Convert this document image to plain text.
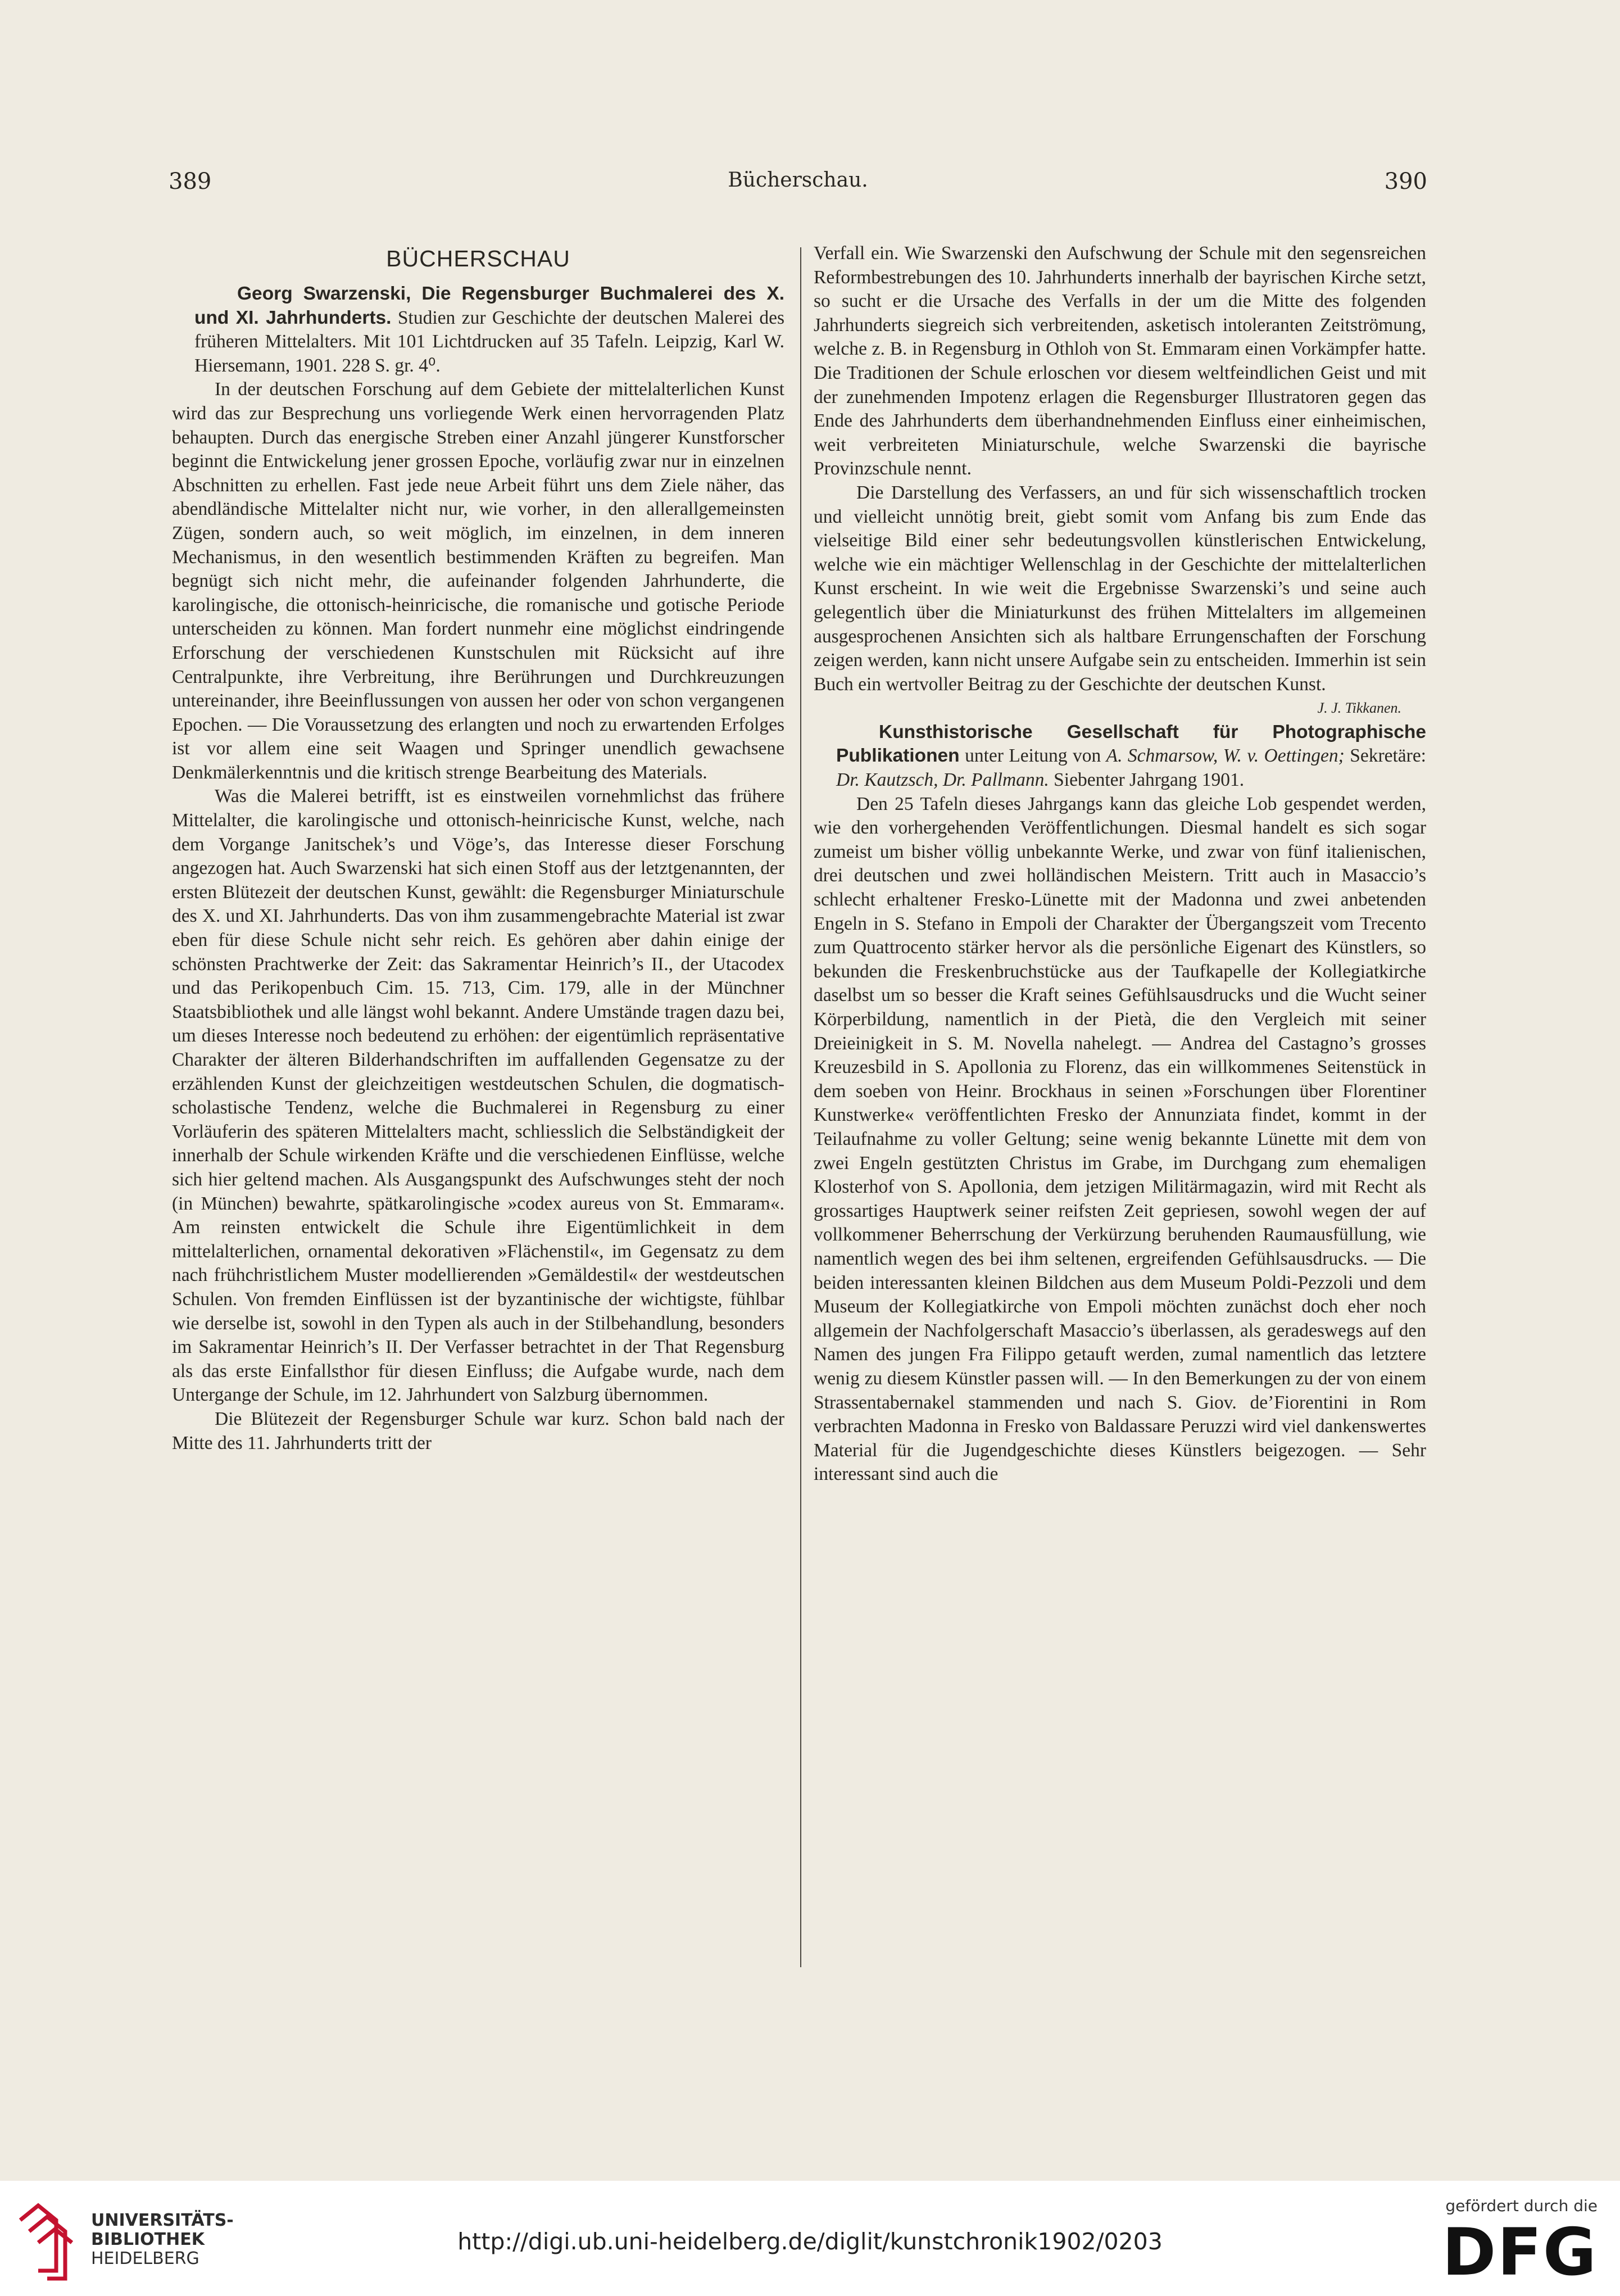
389	Bücherschau.	390
BÜCHERSCHAU

Georg Swarzenski, Die Regensburger Buchmalerei des X. und XI. Jahrhunderts. Studien zur Geschichte der deutschen Malerei des früheren Mittelalters. Mit 101 Lichtdrucken auf 35 Tafeln. Leipzig, Karl W. Hiersemann, 1901. 228 S. gr. 4⁰.

In der deutschen Forschung auf dem Gebiete der mittelalterlichen Kunst wird das zur Besprechung uns vorliegende Werk einen hervorragenden Platz behaupten. Durch das energische Streben einer Anzahl jüngerer Kunstforscher beginnt die Entwickelung jener grossen Epoche, vorläufig zwar nur in einzelnen Abschnitten zu erhellen. Fast jede neue Arbeit führt uns dem Ziele näher, das abendländische Mittelalter nicht nur, wie vorher, in den allerallgemeinsten Zügen, sondern auch, so weit möglich, im einzelnen, in dem inneren Mechanismus, in den wesentlich bestimmenden Kräften zu begreifen. Man begnügt sich nicht mehr, die aufeinander folgenden Jahrhunderte, die karolingische, die ottonisch-heinricische, die romanische und gotische Periode unterscheiden zu können. Man fordert nunmehr eine möglichst eindringende Erforschung der verschiedenen Kunstschulen mit Rücksicht auf ihre Centralpunkte, ihre Verbreitung, ihre Berührungen und Durchkreuzungen untereinander, ihre Beeinflussungen von aussen her oder von schon vergangenen Epochen. — Die Voraussetzung des erlangten und noch zu erwartenden Erfolges ist vor allem eine seit Waagen und Springer unendlich gewachsene Denkmälerkenntnis und die kritisch strenge Bearbeitung des Materials.

Was die Malerei betrifft, ist es einstweilen vornehmlichst das frühere Mittelalter, die karolingische und ottonisch-heinricische Kunst, welche, nach dem Vorgange Janitschek’s und Vöge’s, das Interesse dieser Forschung angezogen hat. Auch Swarzenski hat sich einen Stoff aus der letztgenannten, der ersten Blütezeit der deutschen Kunst, gewählt: die Regensburger Miniaturschule des X. und XI. Jahrhunderts. Das von ihm zusammengebrachte Material ist zwar eben für diese Schule nicht sehr reich. Es gehören aber dahin einige der schönsten Prachtwerke der Zeit: das Sakramentar Heinrich’s II., der Utacodex und das Perikopenbuch Cim. 15. 713, Cim. 179, alle in der Münchner Staatsbibliothek und alle längst wohl bekannt. Andere Umstände tragen dazu bei, um dieses Interesse noch bedeutend zu erhöhen: der eigentümlich repräsentative Charakter der älteren Bilderhandschriften im auffallenden Gegensatze zu der erzählenden Kunst der gleichzeitigen westdeutschen Schulen, die dogmatisch-scholastische Tendenz, welche die Buchmalerei in Regensburg zu einer Vorläuferin des späteren Mittelalters macht, schliesslich die Selbständigkeit der innerhalb der Schule wirkenden Kräfte und die verschiedenen Einflüsse, welche sich hier geltend machen. Als Ausgangspunkt des Aufschwunges steht der noch (in München) bewahrte, spätkarolingische »codex aureus von St. Emmaram«. Am reinsten entwickelt die Schule ihre Eigentümlichkeit in dem mittelalterlichen, ornamental dekorativen »Flächenstil«, im Gegensatz zu dem nach frühchristlichem Muster modellierenden »Gemäldestil« der westdeutschen Schulen. Von fremden Einflüssen ist der byzantinische der wichtigste, fühlbar wie derselbe ist, sowohl in den Typen als auch in der Stilbehandlung, besonders im Sakramentar Heinrich’s II. Der Verfasser betrachtet in der That Regensburg als das erste Einfallsthor für diesen Einfluss; die Aufgabe wurde, nach dem Untergange der Schule, im 12. Jahrhundert von Salzburg übernommen.

Die Blütezeit der Regensburger Schule war kurz. Schon bald nach der Mitte des 11. Jahrhunderts tritt der

Verfall ein. Wie Swarzenski den Aufschwung der Schule mit den segensreichen Reformbestrebungen des 10. Jahrhunderts innerhalb der bayrischen Kirche setzt, so sucht er die Ursache des Verfalls in der um die Mitte des folgenden Jahrhunderts siegreich sich verbreitenden, asketisch intoleranten Zeitströmung, welche z. B. in Regensburg in Othloh von St. Emmaram einen Vorkämpfer hatte. Die Traditionen der Schule erloschen vor diesem weltfeindlichen Geist und mit der zunehmenden Impotenz erlagen die Regensburger Illustratoren gegen das Ende des Jahrhunderts dem überhandnehmenden Einfluss einer einheimischen, weit verbreiteten Miniaturschule, welche Swarzenski die bayrische Provinzschule nennt.

Die Darstellung des Verfassers, an und für sich wissenschaftlich trocken und vielleicht unnötig breit, giebt somit vom Anfang bis zum Ende das vielseitige Bild einer sehr bedeutungsvollen künstlerischen Entwickelung, welche wie ein mächtiger Wellenschlag in der Geschichte der mittelalterlichen Kunst erscheint. In wie weit die Ergebnisse Swarzenski’s und seine auch gelegentlich über die Miniaturkunst des frühen Mittelalters im allgemeinen ausgesprochenen Ansichten sich als haltbare Errungenschaften der Forschung zeigen werden, kann nicht unsere Aufgabe sein zu entscheiden. Immerhin ist sein Buch ein wertvoller Beitrag zu der Geschichte der deutschen Kunst.

J. J. Tikkanen.

Kunsthistorische Gesellschaft für Photographische Publikationen unter Leitung von A. Schmarsow, W. v. Oettingen; Sekretäre: Dr. Kautzsch, Dr. Pallmann. Siebenter Jahrgang 1901.

Den 25 Tafeln dieses Jahrgangs kann das gleiche Lob gespendet werden, wie den vorhergehenden Veröffentlichungen. Diesmal handelt es sich sogar zumeist um bisher völlig unbekannte Werke, und zwar von fünf italienischen, drei deutschen und zwei holländischen Meistern. Tritt auch in Masaccio’s schlecht erhaltener Fresko-Lünette mit der Madonna und zwei anbetenden Engeln in S. Stefano in Empoli der Charakter der Übergangszeit vom Trecento zum Quattrocento stärker hervor als die persönliche Eigenart des Künstlers, so bekunden die Freskenbruchstücke aus der Taufkapelle der Kollegiatkirche daselbst um so besser die Kraft seines Gefühlsausdrucks und die Wucht seiner Körperbildung, namentlich in der Pietà, die den Vergleich mit seiner Dreieinigkeit in S. M. Novella nahelegt. — Andrea del Castagno’s grosses Kreuzesbild in S. Apollonia zu Florenz, das ein willkommenes Seitenstück in dem soeben von Heinr. Brockhaus in seinen »Forschungen über Florentiner Kunstwerke« veröffentlichten Fresko der Annunziata findet, kommt in der Teilaufnahme zu voller Geltung; seine wenig bekannte Lünette mit dem von zwei Engeln gestützten Christus im Grabe, im Durchgang zum ehemaligen Klosterhof von S. Apollonia, dem jetzigen Militärmagazin, wird mit Recht als grossartiges Hauptwerk seiner reifsten Zeit gepriesen, sowohl wegen der auf vollkommener Beherrschung der Verkürzung beruhenden Raumausfüllung, wie namentlich wegen des bei ihm seltenen, ergreifenden Gefühlsausdrucks. — Die beiden interessanten kleinen Bildchen aus dem Museum Poldi-Pezzoli und dem Museum der Kollegiatkirche von Empoli möchten zunächst doch eher noch allgemein der Nachfolgerschaft Masaccio’s überlassen, als geradeswegs auf den Namen des jungen Fra Filippo getauft werden, zumal namentlich das letztere wenig zu diesem Künstler passen will. — In den Bemerkungen zu der von einem Strassentabernakel stammenden und nach S. Giov. de’Fiorentini in Rom verbrachten Madonna in Fresko von Baldassare Peruzzi wird viel dankenswertes Material für die Jugendgeschichte dieses Künstlers beigezogen. — Sehr interessant sind auch die

UNIVERSITÄTS-
BIBLIOTHEK
HEIDELBERG
http://digi.ub.uni-heidelberg.de/diglit/kunstchronik1902/0203
gefördert durch die
DFG
